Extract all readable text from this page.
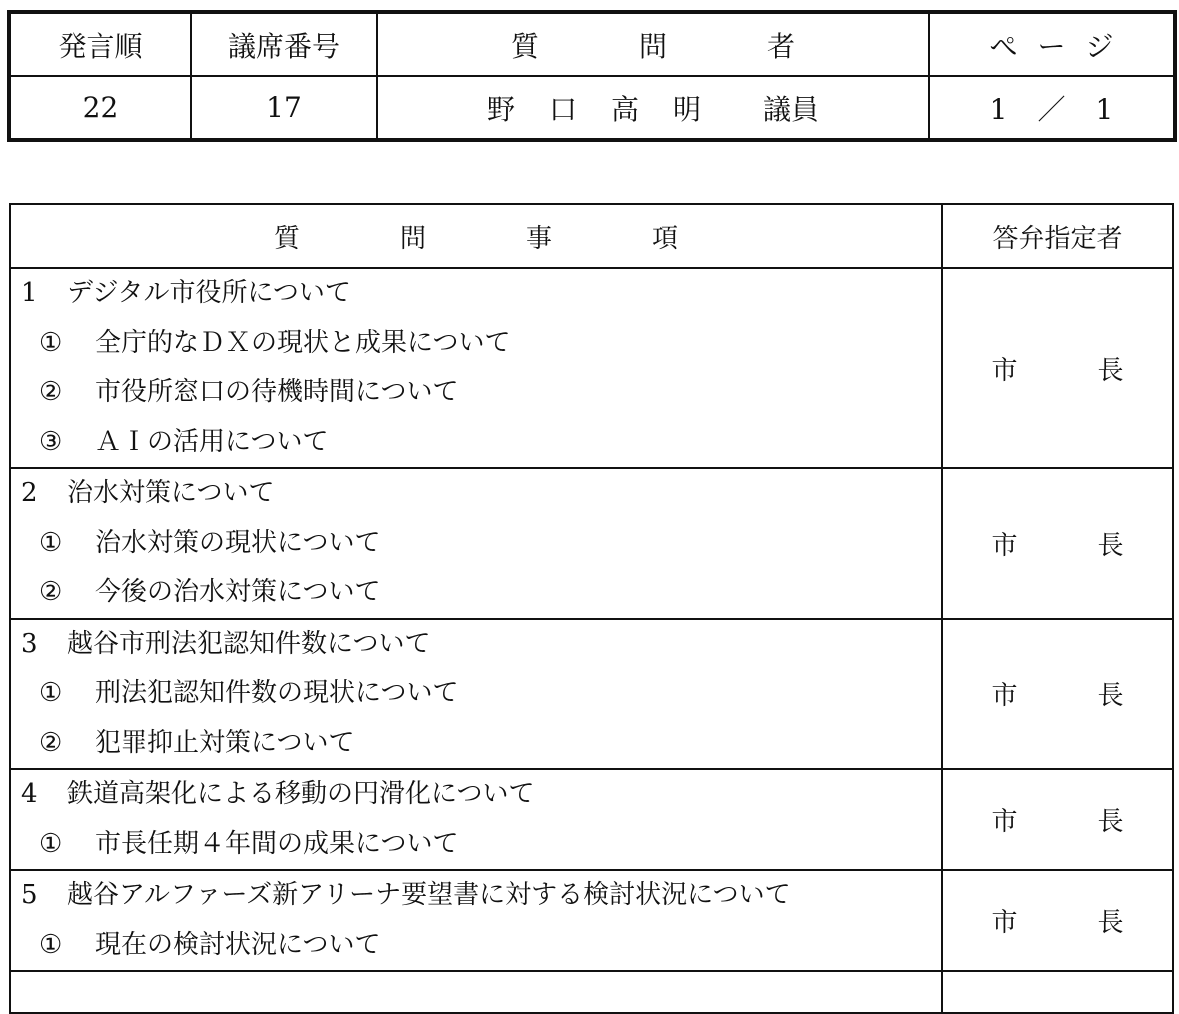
発言順	議席番号	質 問 者	ぺ ー ジ
22	17	野 口 高 明 議員	1 ／ 1
質 問 事 項	答弁指定者

1 デジタル市役所について
① 全庁的なＤＸの現状と成果について
② 市役所窓口の待機時間について
③ ＡＩの活用について	市 長

2 治水対策について
① 治水対策の現状について
② 今後の治水対策について	市 長

3 越谷市刑法犯認知件数について
① 刑法犯認知件数の現状について
② 犯罪抑止対策について	市 長

4 鉄道高架化による移動の円滑化について
① 市長任期４年間の成果について	市 長

5 越谷アルファーズ新アリーナ要望書に対する検討状況について
① 現在の検討状況について	市 長
